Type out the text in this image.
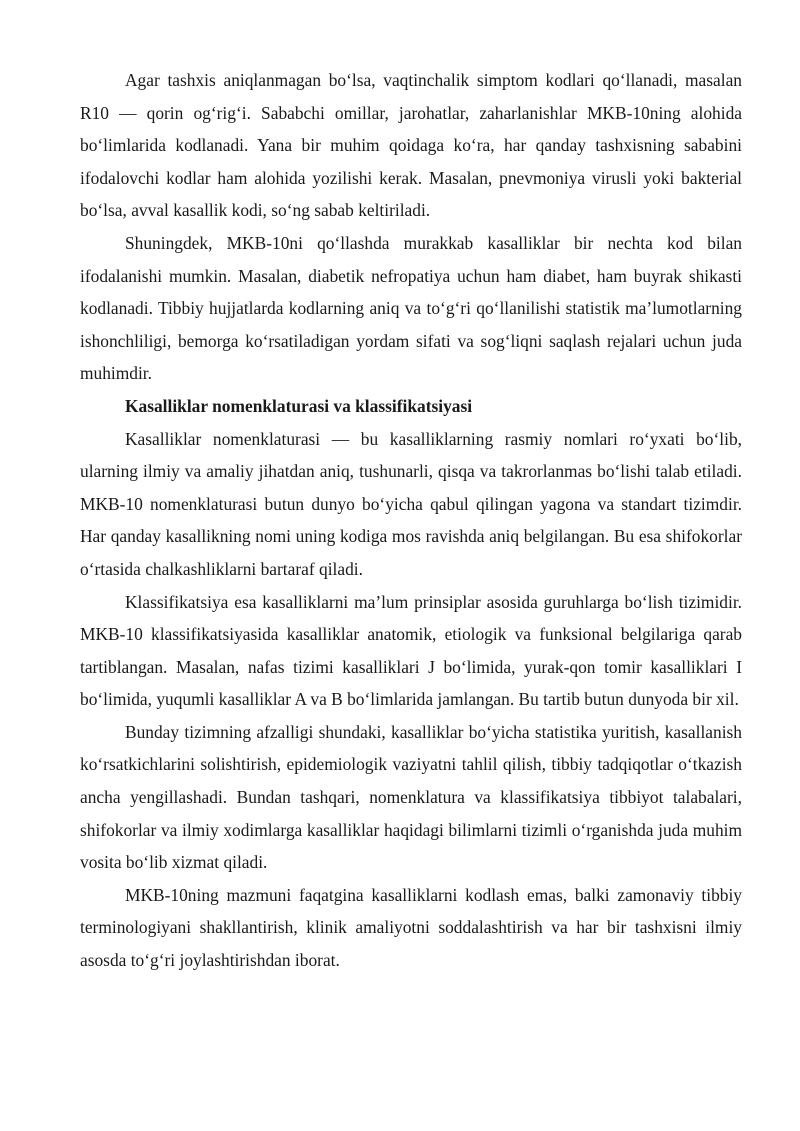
Agar tashxis aniqlanmagan boʻlsa, vaqtinchalik simptom kodlari qoʻllanadi, masalan R10 — qorin ogʻrigʻi. Sababchi omillar, jarohatlar, zaharlanishlar MKB-10ning alohida boʻlimlarida kodlanadi. Yana bir muhim qoidaga koʻra, har qanday tashxisning sababini ifodalovchi kodlar ham alohida yozilishi kerak. Masalan, pnevmoniya virusli yoki bakterial boʻlsa, avval kasallik kodi, soʻng sabab keltiriladi.

Shuningdek, MKB-10ni qoʻllashda murakkab kasalliklar bir nechta kod bilan ifodalanishi mumkin. Masalan, diabetik nefropatiya uchun ham diabet, ham buyrak shikasti kodlanadi. Tibbiy hujjatlarda kodlarning aniq va toʻgʻri qoʻllanilishi statistik maʼlumotlarning ishonchliligi, bemorga koʻrsatiladigan yordam sifati va sogʻliqni saqlash rejalari uchun juda muhimdir.

Kasalliklar nomenklaturasi va klassifikatsiyasi

Kasalliklar nomenklaturasi — bu kasalliklarning rasmiy nomlari roʻyxati boʻlib, ularning ilmiy va amaliy jihatdan aniq, tushunarli, qisqa va takrorlanmas boʻlishi talab etiladi. MKB-10 nomenklaturasi butun dunyo boʻyicha qabul qilingan yagona va standart tizimdir. Har qanday kasallikning nomi uning kodiga mos ravishda aniq belgilangan. Bu esa shifokorlar oʻrtasida chalkashliklarni bartaraf qiladi.

Klassifikatsiya esa kasalliklarni maʼlum prinsiplar asosida guruhlarga boʻlish tizimidir. MKB-10 klassifikatsiyasida kasalliklar anatomik, etiologik va funksional belgilariga qarab tartiblangan. Masalan, nafas tizimi kasalliklari J boʻlimida, yurak-qon tomir kasalliklari I boʻlimida, yuqumli kasalliklar A va B boʻlimlarida jamlangan. Bu tartib butun dunyoda bir xil.

Bunday tizimning afzalligi shundaki, kasalliklar boʻyicha statistika yuritish, kasallanish koʻrsatkichlarini solishtirish, epidemiologik vaziyatni tahlil qilish, tibbiy tadqiqotlar oʻtkazish ancha yengillashadi. Bundan tashqari, nomenklatura va klassifikatsiya tibbiyot talabalari, shifokorlar va ilmiy xodimlarga kasalliklar haqidagi bilimlarni tizimli oʻrganishda juda muhim vosita boʻlib xizmat qiladi.

MKB-10ning mazmuni faqatgina kasalliklarni kodlash emas, balki zamonaviy tibbiy terminologiyani shakllantirish, klinik amaliyotni soddalashtirish va har bir tashxisni ilmiy asosda toʻgʻri joylashtirishdan iborat.
